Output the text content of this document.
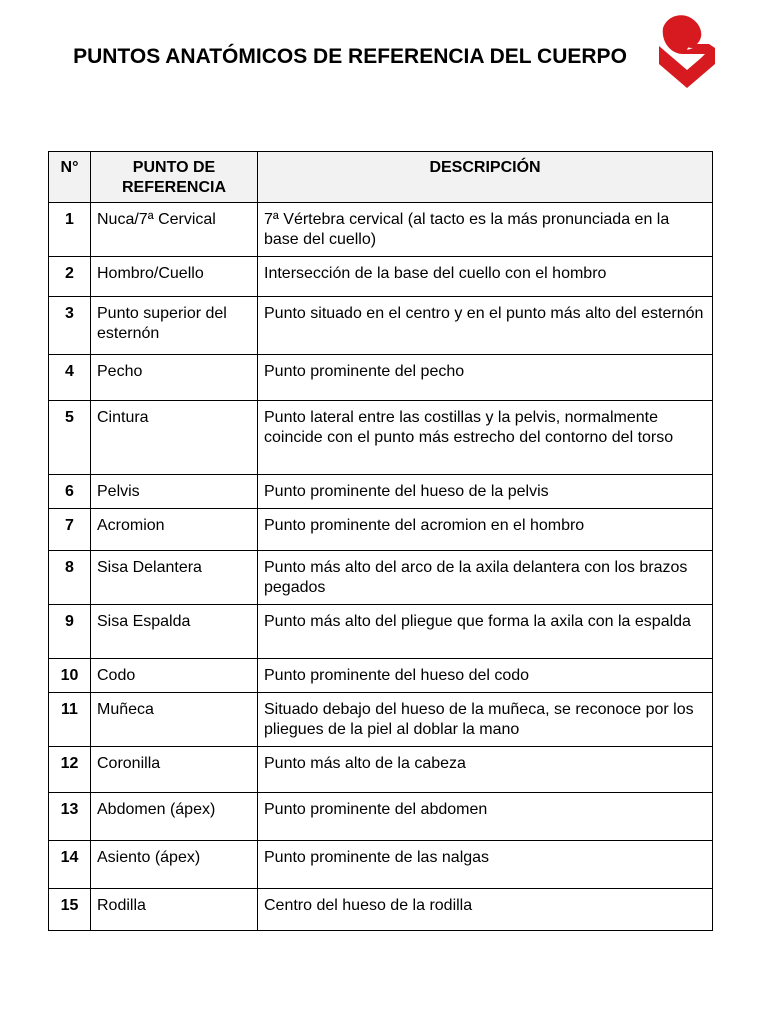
PUNTOS ANATÓMICOS DE REFERENCIA DEL CUERPO
N°	PUNTO DE REFERENCIA	DESCRIPCIÓN
1	Nuca/7ª Cervical	7ª Vértebra cervical (al tacto es la más pronunciada en la base del cuello)
2	Hombro/Cuello	Intersección de la base del cuello con el hombro
3	Punto superior del esternón	Punto situado en el centro y en el punto más alto del esternón
4	Pecho	Punto prominente del pecho
5	Cintura	Punto lateral entre las costillas y la pelvis, normalmente coincide con el punto más estrecho del contorno del torso
6	Pelvis	Punto prominente del hueso de la pelvis
7	Acromion	Punto prominente del acromion en el hombro
8	Sisa Delantera	Punto más alto del arco de la axila delantera con los brazos pegados
9	Sisa Espalda	Punto más alto del pliegue que forma la axila con la espalda
10	Codo	Punto prominente del hueso del codo
11	Muñeca	Situado debajo del hueso de la muñeca, se reconoce por los pliegues de la piel al doblar la mano
12	Coronilla	Punto más alto de la cabeza
13	Abdomen (ápex)	Punto prominente del abdomen
14	Asiento (ápex)	Punto prominente de las nalgas
15	Rodilla	Centro del hueso de la rodilla
